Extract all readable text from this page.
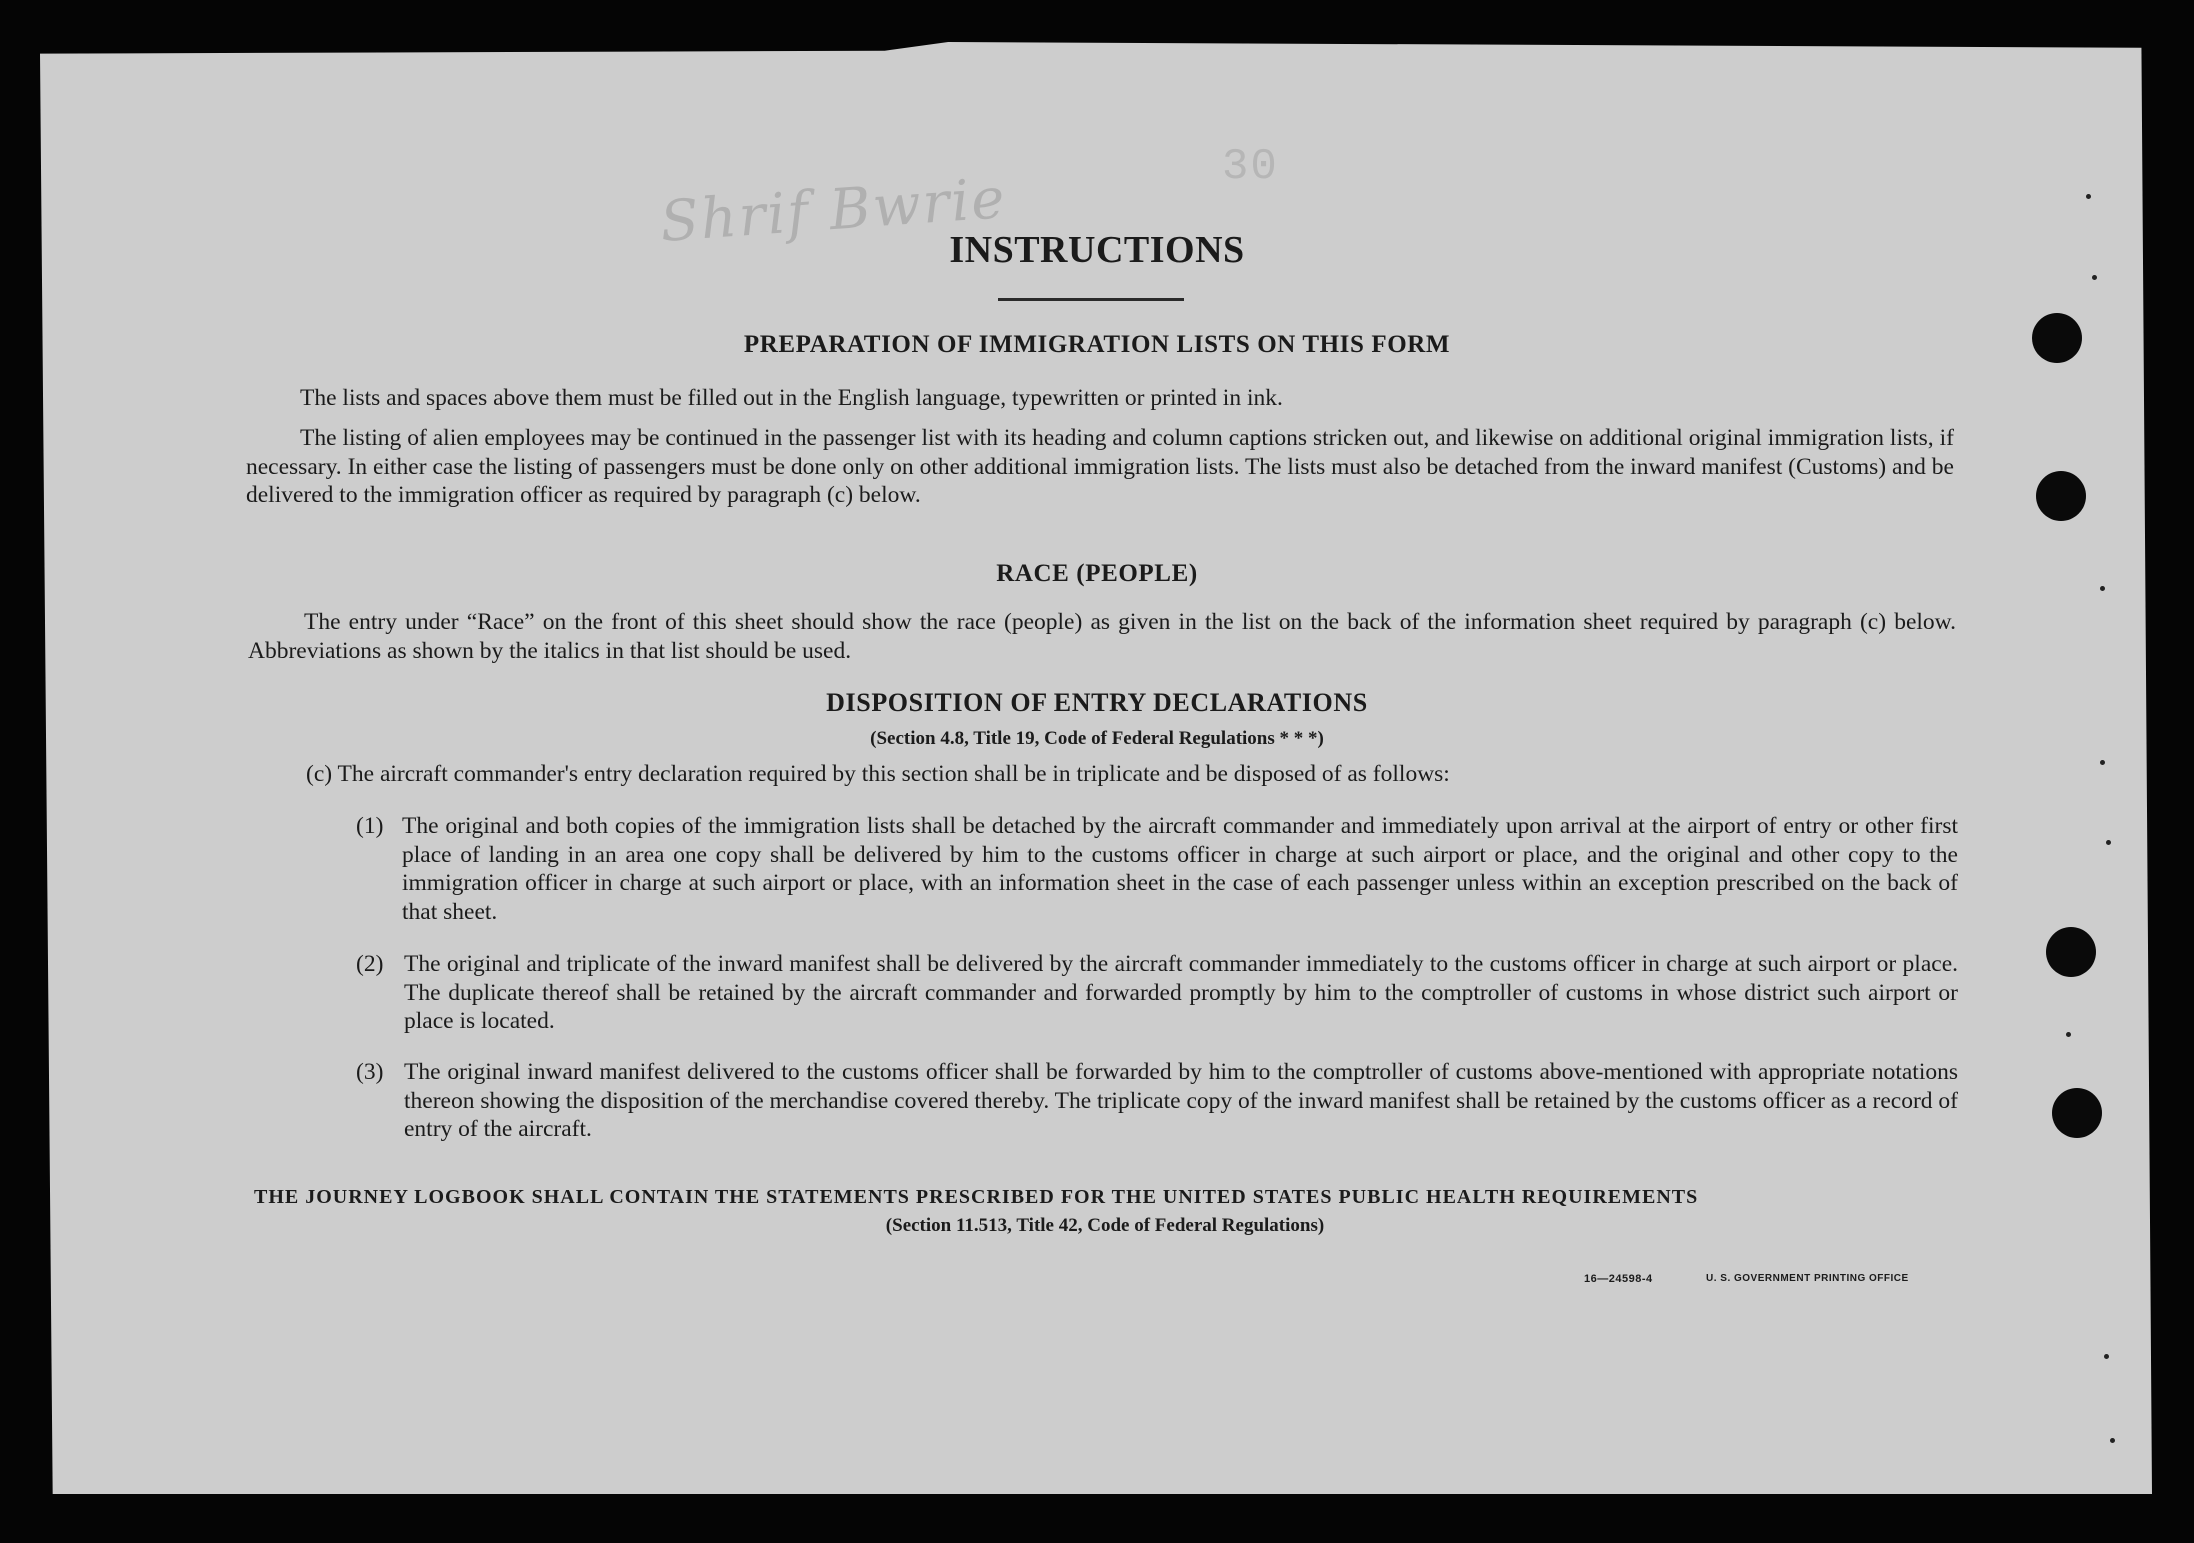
30
Shrif Bwrie
INSTRUCTIONS
PREPARATION OF IMMIGRATION LISTS ON THIS FORM
The lists and spaces above them must be filled out in the English language, typewritten or printed in ink.
The listing of alien employees may be continued in the passenger list with its heading and column captions stricken out, and likewise on additional original immigration lists, if necessary. In either case the listing of passengers must be done only on other additional immigration lists. The lists must also be detached from the inward manifest (Customs) and be delivered to the immigration officer as required by paragraph (c) below.
RACE (PEOPLE)
The entry under “Race” on the front of this sheet should show the race (people) as given in the list on the back of the information sheet required by paragraph (c) below. Abbreviations as shown by the italics in that list should be used.
DISPOSITION OF ENTRY DECLARATIONS
(Section 4.8, Title 19, Code of Federal Regulations * * *)
(c) The aircraft commander's entry declaration required by this section shall be in triplicate and be disposed of as follows:
(1) The original and both copies of the immigration lists shall be detached by the aircraft commander and immediately upon arrival at the airport of entry or other first place of landing in an area one copy shall be delivered by him to the customs officer in charge at such airport or place, and the original and other copy to the immigration officer in charge at such airport or place, with an information sheet in the case of each passenger unless within an exception prescribed on the back of that sheet.
(2) The original and triplicate of the inward manifest shall be delivered by the aircraft commander immediately to the customs officer in charge at such airport or place. The duplicate thereof shall be retained by the aircraft commander and forwarded promptly by him to the comptroller of customs in whose district such airport or place is located.
(3) The original inward manifest delivered to the customs officer shall be forwarded by him to the comptroller of customs above-mentioned with appropriate notations thereon showing the disposition of the merchandise covered thereby. The triplicate copy of the inward manifest shall be retained by the customs officer as a record of entry of the aircraft.
THE JOURNEY LOGBOOK SHALL CONTAIN THE STATEMENTS PRESCRIBED FOR THE UNITED STATES PUBLIC HEALTH REQUIREMENTS
(Section 11.513, Title 42, Code of Federal Regulations)
16—24598-4	U. S. GOVERNMENT PRINTING OFFICE
